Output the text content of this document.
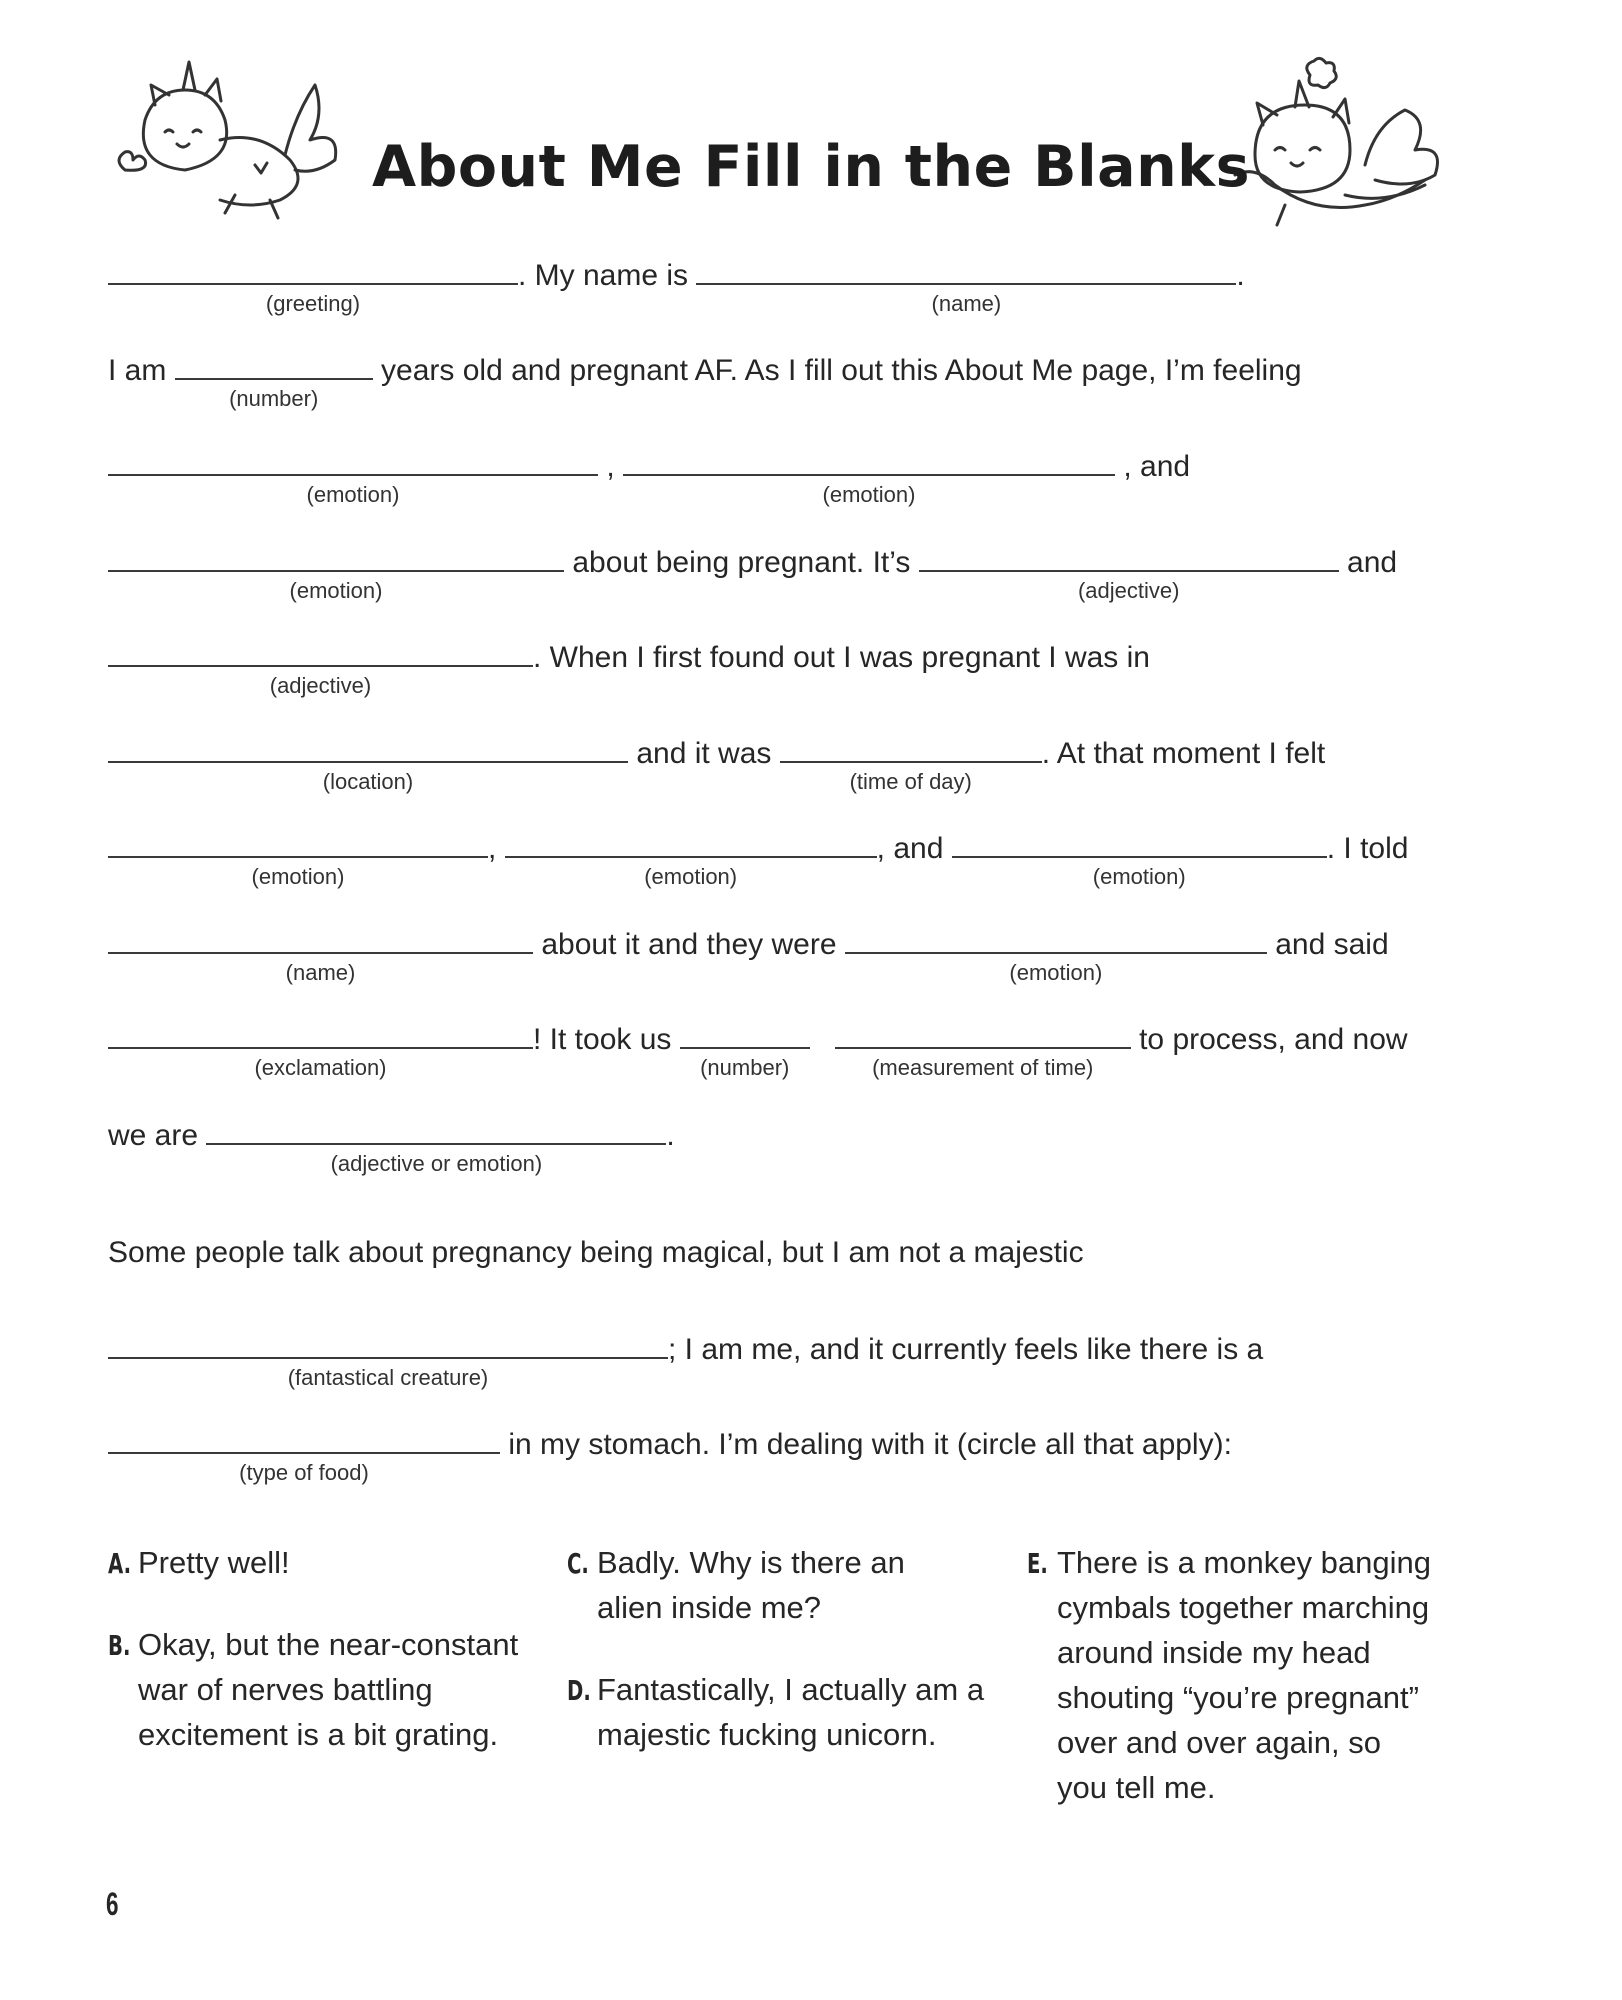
About Me Fill in the Blanks
(greeting)
. My name is
(name)
.
I am
(number)
years old and pregnant AF. As I fill out this About Me page, I’m feeling
(emotion)
,
(emotion)
, and
(emotion)
about being pregnant. It’s
(adjective)
and
(adjective)
. When I first found out I was pregnant I was in
(location)
and it was
(time of day)
. At that moment I felt
(emotion)
,
(emotion)
, and
(emotion)
. I told
(name)
about it and they were
(emotion)
and said
(exclamation)
! It took us
(number)
	(measurement of time)
to process, and now
we are
(adjective or emotion)
.
Some people talk about pregnancy being magical, but I am not a majestic
(fantastical creature)
; I am me, and it currently feels like there is a
(type of food)
in my stomach. I’m dealing with it (circle all that apply):
A. Pretty well!
B. Okay, but the near-constant war of nerves battling excitement is a bit grating.
C. Badly. Why is there an alien inside me?
D. Fantastically, I actually am a majestic fucking unicorn.
E. There is a monkey banging cymbals together marching around inside my head shouting “you’re pregnant” over and over again, so you tell me.
6
